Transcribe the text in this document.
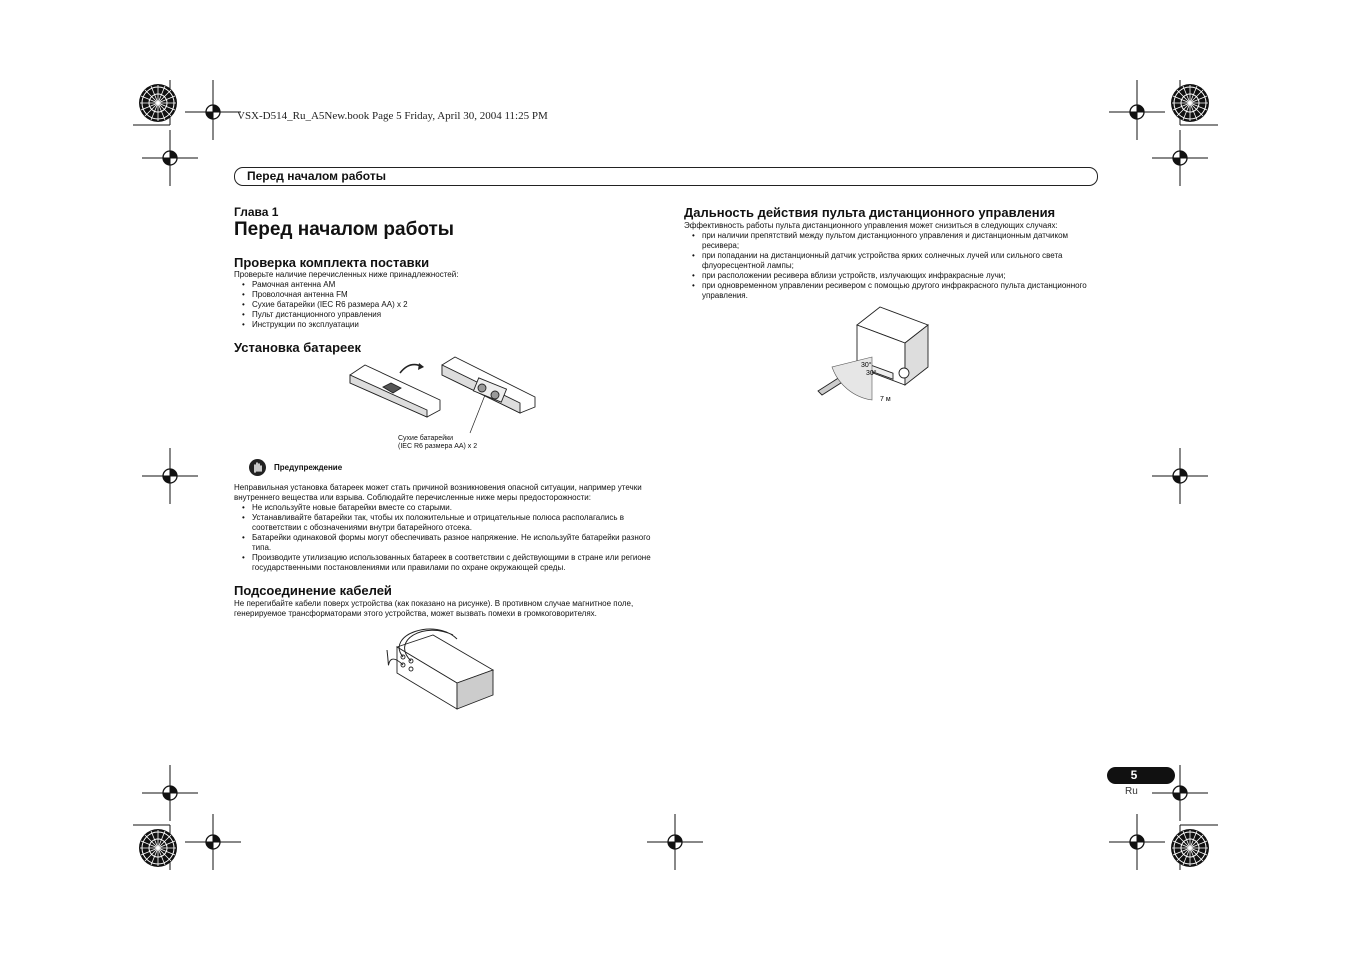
VSX-D514_Ru_A5New.book Page 5 Friday, April 30, 2004 11:25 PM
Перед началом работы
Глава 1
Перед началом работы
Проверка комплекта поставки
Проверьте наличие перечисленных ниже принадлежностей:
• Рамочная антенна AM
• Проволочная антенна FM
• Сухие батарейки (IEC R6 размера AA) x 2
• Пульт дистанционного управления
• Инструкции по эксплуатации
Установка батареек
Сухие батарейки
(IEC R6 размера AA) x 2
Предупреждение
Неправильная установка батареек может стать причиной возникновения опасной ситуации, например утечки внутреннего вещества или взрыва. Соблюдайте перечисленные ниже меры предосторожности:
• Не используйте новые батарейки вместе со старыми.
• Устанавливайте батарейки так, чтобы их положительные и отрицательные полюса располагались в соответствии с обозначениями внутри батарейного отсека.
• Батарейки одинаковой формы могут обеспечивать разное напряжение. Не используйте батарейки разного типа.
• Производите утилизацию использованных батареек в соответствии с действующими в стране или регионе государственными постановлениями или правилами по охране окружающей среды.
Подсоединение кабелей
Не перегибайте кабели поверх устройства (как показано на рисунке). В противном случае магнитное поле, генерируемое трансформаторами этого устройства, может вызвать помехи в громкоговорителях.
Дальность действия пульта дистанционного управления
Эффективность работы пульта дистанционного управления может снизиться в следующих случаях:
• при наличии препятствий между пультом дистанционного управления и дистанционным датчиком ресивера;
• при попадании на дистанционный датчик устройства ярких солнечных лучей или сильного света флуоресцентной лампы;
• при расположении ресивера вблизи устройств, излучающих инфракрасные лучи;
• при одновременном управлении ресивером с помощью другого инфракрасного пульта дистанционного управления.
30°
30°
7 м
5
Ru
